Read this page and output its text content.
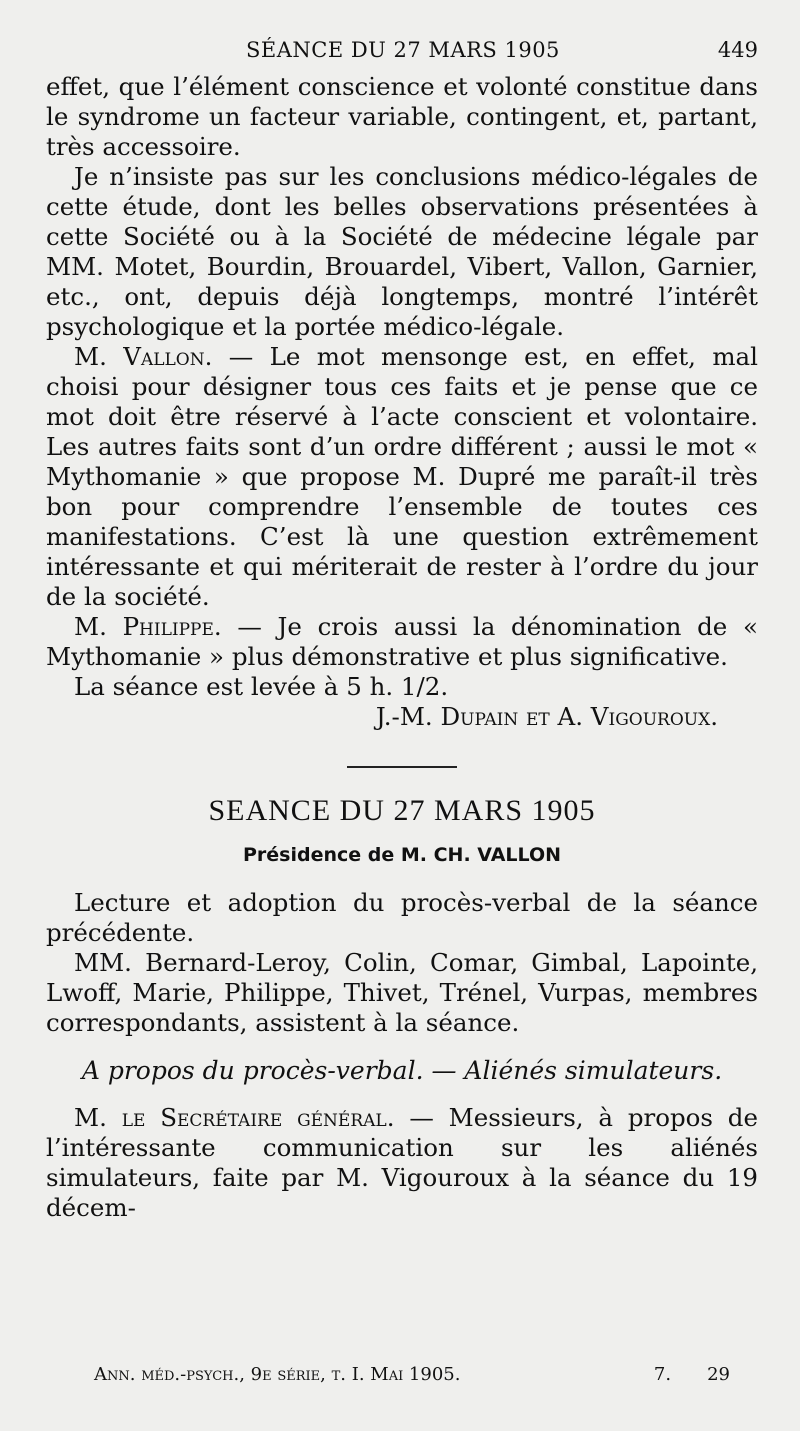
SÉANCE DU 27 MARS 1905	449

effet, que l’élément conscience et volonté constitue dans le syndrome un facteur variable, contingent, et, partant, très accessoire.

Je n’insiste pas sur les conclusions médico-légales de cette étude, dont les belles observations présentées à cette Société ou à la Société de médecine légale par MM. Motet, Bourdin, Brouardel, Vibert, Vallon, Garnier, etc., ont, depuis déjà longtemps, montré l’intérêt psychologique et la portée médico-légale.

M. Vallon. — Le mot mensonge est, en effet, mal choisi pour désigner tous ces faits et je pense que ce mot doit être réservé à l’acte conscient et volontaire. Les autres faits sont d’un ordre différent ; aussi le mot « Mythomanie » que propose M. Dupré me paraît-il très bon pour comprendre l’ensemble de toutes ces manifestations. C’est là une question extrêmement intéressante et qui mériterait de rester à l’ordre du jour de la société.

M. Philippe. — Je crois aussi la dénomination de « Mythomanie » plus démonstrative et plus significative.

La séance est levée à 5 h. 1/2.

J.-M. Dupain et A. Vigouroux.
SEANCE DU 27 MARS 1905
Présidence de M. CH. VALLON

Lecture et adoption du procès-verbal de la séance précédente.

MM. Bernard-Leroy, Colin, Comar, Gimbal, Lapointe, Lwoff, Marie, Philippe, Thivet, Trénel, Vurpas, membres correspondants, assistent à la séance.

A propos du procès-verbal. — Aliénés simulateurs.

M. le Secrétaire général. — Messieurs, à propos de l’intéressante communication sur les aliénés simulateurs, faite par M. Vigouroux à la séance du 19 décem-

Ann. méd.-psych., 9e série, t. I. Mai 1905.	7. 29
